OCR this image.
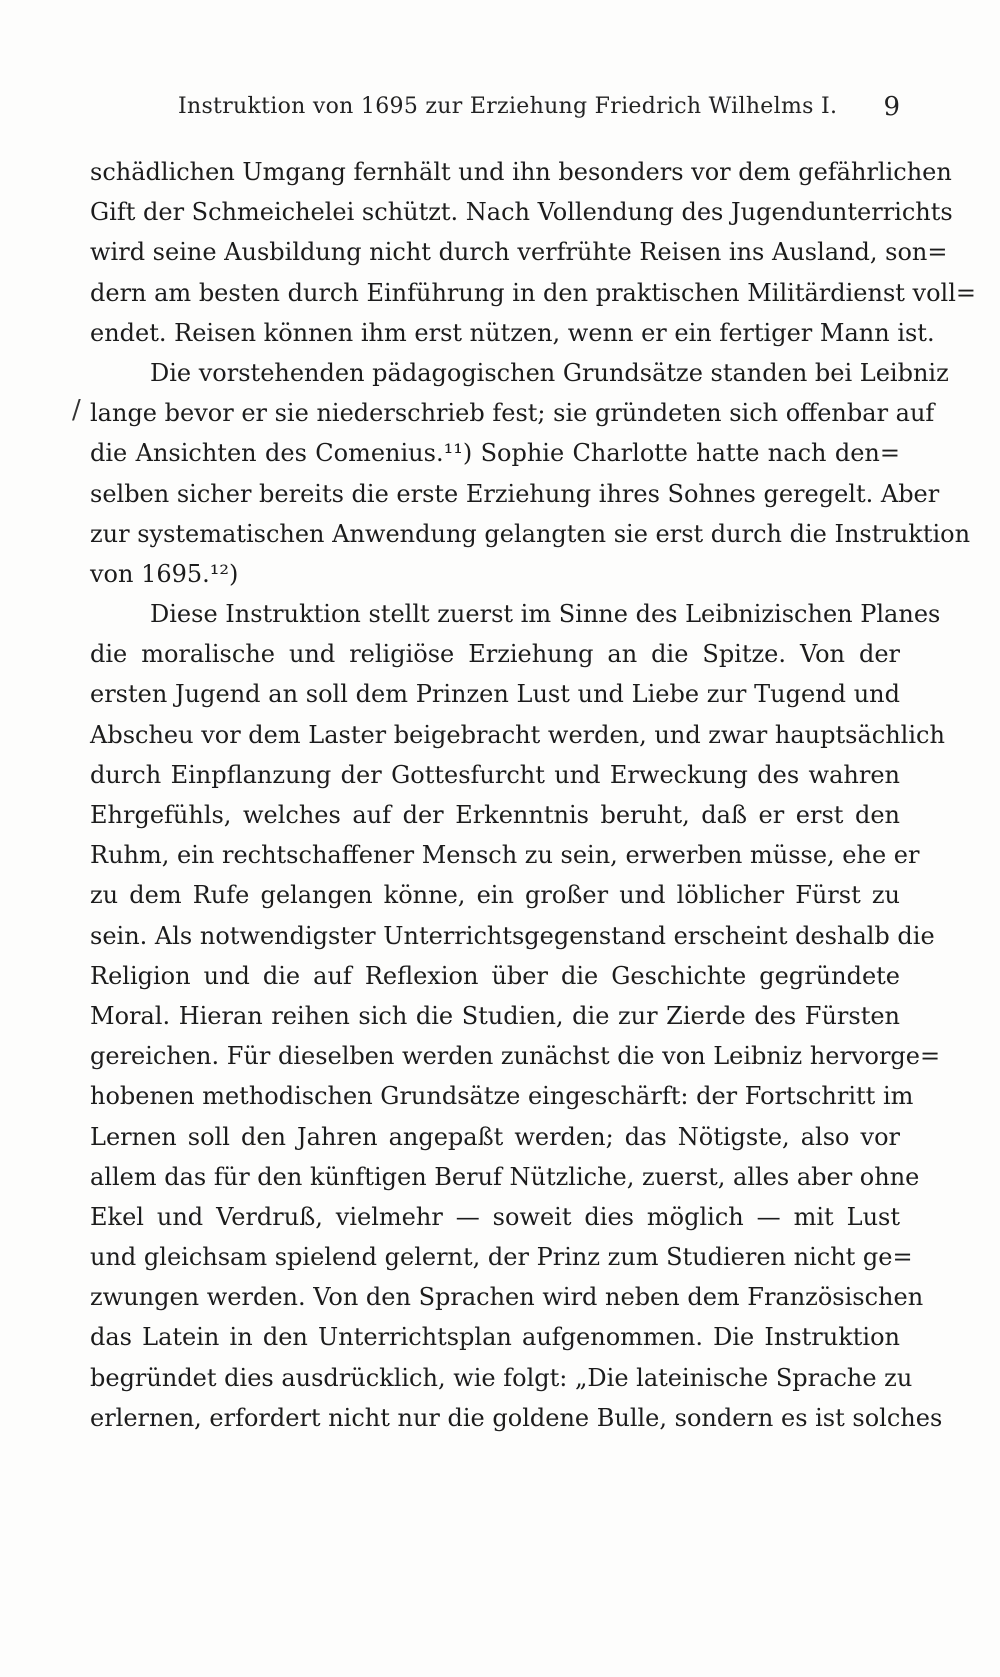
Instruktion von 1695 zur Erziehung Friedrich Wilhelms I. 9
schädlichen Umgang fernhält und ihn besonders vor dem gefährlichen
Gift der Schmeichelei schützt. Nach Vollendung des Jugendunterrichts
wird seine Ausbildung nicht durch verfrühte Reisen ins Ausland, son=
dern am besten durch Einführung in den praktischen Militärdienst voll=
endet. Reisen können ihm erst nützen, wenn er ein fertiger Mann ist.
Die vorstehenden pädagogischen Grundsätze standen bei Leibniz
/ lange bevor er sie niederschrieb fest; sie gründeten sich offenbar auf
die Ansichten des Comenius.¹¹) Sophie Charlotte hatte nach den=
selben sicher bereits die erste Erziehung ihres Sohnes geregelt. Aber
zur systematischen Anwendung gelangten sie erst durch die Instruktion
von 1695.¹²)
Diese Instruktion stellt zuerst im Sinne des Leibnizischen Planes
die moralische und religiöse Erziehung an die Spitze. Von der
ersten Jugend an soll dem Prinzen Lust und Liebe zur Tugend und
Abscheu vor dem Laster beigebracht werden, und zwar hauptsächlich
durch Einpflanzung der Gottesfurcht und Erweckung des wahren
Ehrgefühls, welches auf der Erkenntnis beruht, daß er erst den
Ruhm, ein rechtschaffener Mensch zu sein, erwerben müsse, ehe er
zu dem Rufe gelangen könne, ein großer und löblicher Fürst zu
sein. Als notwendigster Unterrichtsgegenstand erscheint deshalb die
Religion und die auf Reflexion über die Geschichte gegründete
Moral. Hieran reihen sich die Studien, die zur Zierde des Fürsten
gereichen. Für dieselben werden zunächst die von Leibniz hervorge=
hobenen methodischen Grundsätze eingeschärft: der Fortschritt im
Lernen soll den Jahren angepaßt werden; das Nötigste, also vor
allem das für den künftigen Beruf Nützliche, zuerst, alles aber ohne
Ekel und Verdruß, vielmehr — soweit dies möglich — mit Lust
und gleichsam spielend gelernt, der Prinz zum Studieren nicht ge=
zwungen werden. Von den Sprachen wird neben dem Französischen
das Latein in den Unterrichtsplan aufgenommen. Die Instruktion
begründet dies ausdrücklich, wie folgt: „Die lateinische Sprache zu
erlernen, erfordert nicht nur die goldene Bulle, sondern es ist solches
